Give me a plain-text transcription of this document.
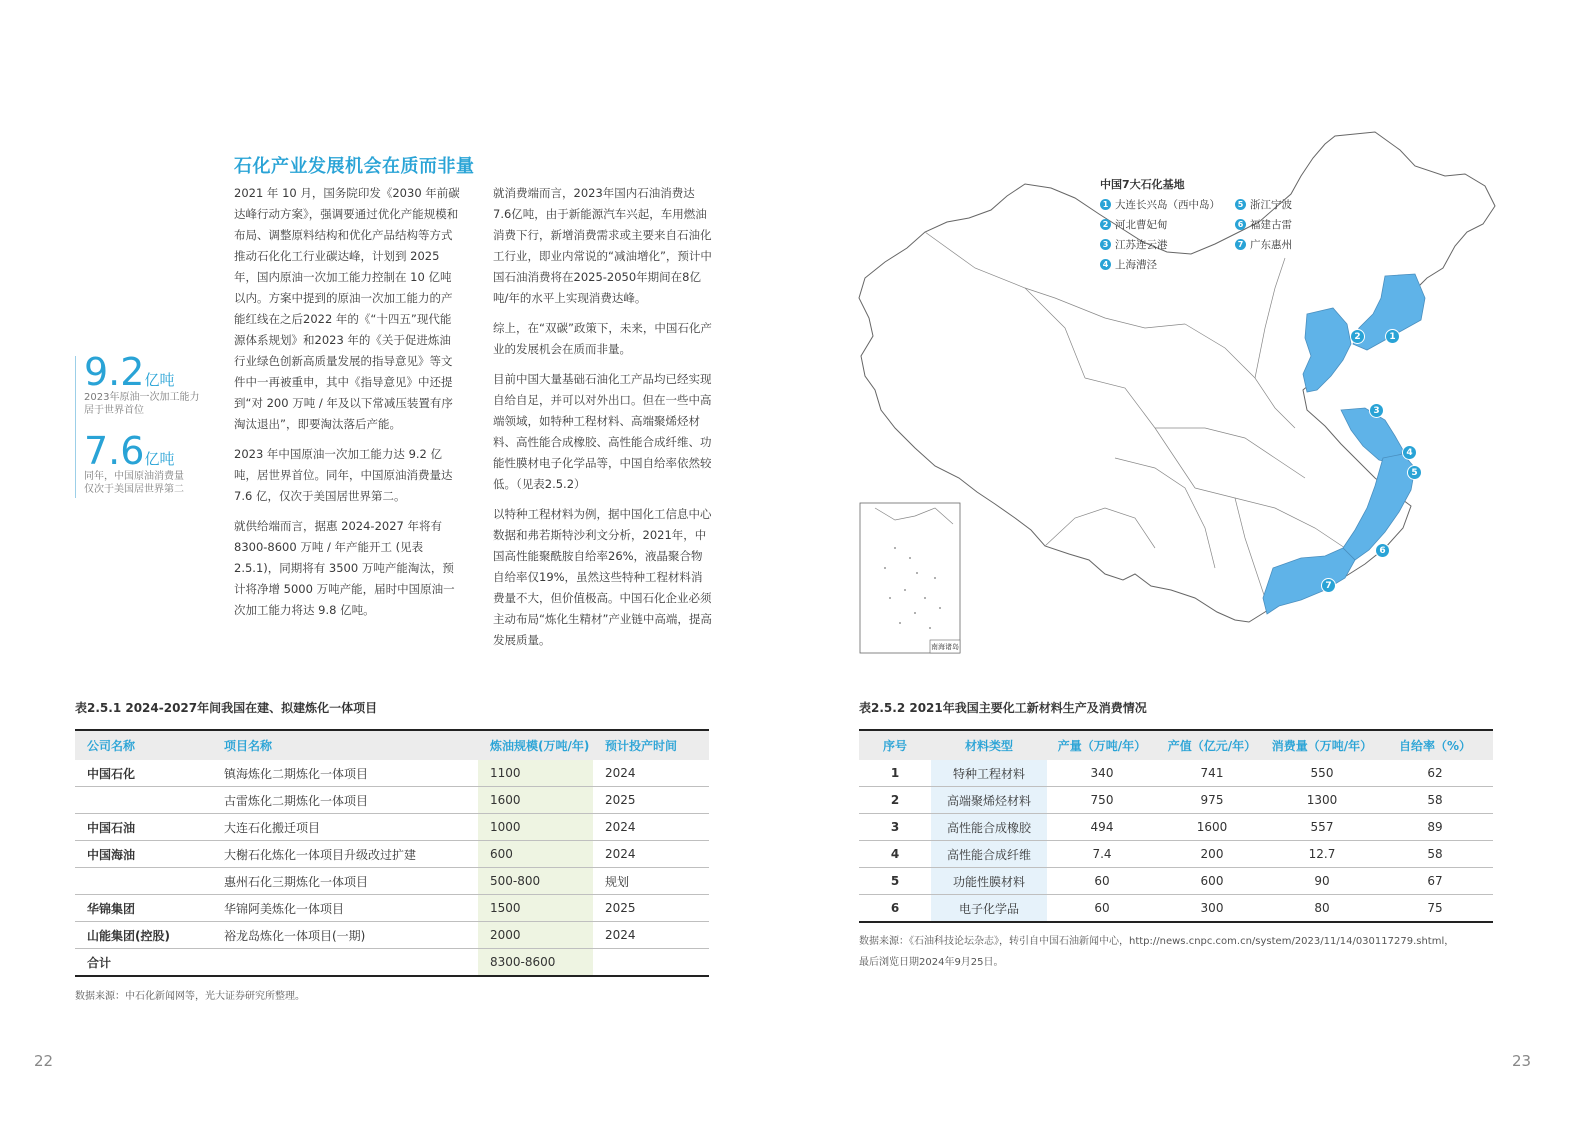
石化产业发展机会在质而非量

2021 年 10 月，国务院印发《2030 年前碳达峰行动方案》，强调要通过优化产能规模和布局、调整原料结构和优化产品结构等方式推动石化化工行业碳达峰，计划到 2025 年，国内原油一次加工能力控制在 10 亿吨以内。方案中提到的原油一次加工能力的产能红线在之后2022 年的《“十四五”现代能源体系规划》和2023 年的《关于促进炼油行业绿色创新高质量发展的指导意见》等文件中一再被重申，其中《指导意见》中还提到“对 200 万吨 / 年及以下常减压装置有序淘汰退出”，即要淘汰落后产能。

2023 年中国原油一次加工能力达 9.2 亿吨，居世界首位。同年，中国原油消费量达 7.6 亿，仅次于美国居世界第二。

就供给端而言，据惠 2024-2027 年将有 8300-8600 万吨 / 年产能开工 (见表 2.5.1)，同期将有 3500 万吨产能淘汰，预计将净增 5000 万吨产能，届时中国原油一次加工能力将达 9.8 亿吨。

就消费端而言，2023年国内石油消费达7.6亿吨，由于新能源汽车兴起，车用燃油消费下行，新增消费需求或主要来自石油化工行业，即业内常说的“减油增化”，预计中国石油消费将在2025-2050年期间在8亿吨/年的水平上实现消费达峰。

综上，在“双碳”政策下，未来，中国石化产业的发展机会在质而非量。

目前中国大量基础石油化工产品均已经实现自给自足，并可以对外出口。但在一些中高端领域，如特种工程材料、高端聚烯烃材料、高性能合成橡胶、高性能合成纤维、功能性膜材电子化学品等，中国自给率依然较低。（见表2.5.2）

以特种工程材料为例，据中国化工信息中心数据和弗若斯特沙利文分析，2021年，中国高性能聚酰胺自给率26%，液晶聚合物自给率仅19%，虽然这些特种工程材料消费量不大，但价值极高。中国石化企业必须主动布局“炼化生精材”产业链中高端，提高发展质量。

9.2亿吨
2023年原油一次加工能力
居于世界首位
7.6亿吨
同年，中国原油消费量
仅次于美国居世界第二
表2.5.1 2024-2027年间我国在建、拟建炼化一体项目
公司名称	项目名称	炼油规模(万吨/年)	预计投产时间
中国石化	镇海炼化二期炼化一体项目	1100	2024
	古雷炼化二期炼化一体项目	1600	2025
中国石油	大连石化搬迁项目	1000	2024
中国海油	大榭石化炼化一体项目升级改过扩建	600	2024
	惠州石化三期炼化一体项目	500-800	规划
华锦集团	华锦阿美炼化一体项目	1500	2025
山能集团(控股)	裕龙岛炼化一体项目(一期)	2000	2024
合计		8300-8600	
数据来源：中石化新闻网等，光大证券研究所整理。
22
南海诸岛
1
2
3
4
5
6
7
中国7大石化基地
1 大连长兴岛（西中岛）
2 河北曹妃甸
3 江苏连云港
4 上海漕泾
5 浙江宁波
6 福建古雷
7 广东惠州
表2.5.2 2021年我国主要化工新材料生产及消费情况
序号	材料类型	产量（万吨/年）	产值（亿元/年）	消费量（万吨/年）	自给率（%）
1	特种工程材料	340	741	550	62
2	高端聚烯烃材料	750	975	1300	58
3	高性能合成橡胶	494	1600	557	89
4	高性能合成纤维	7.4	200	12.7	58
5	功能性膜材料	60	600	90	67
6	电子化学品	60	300	80	75
数据来源：《石油科技论坛杂志》，转引自中国石油新闻中心，http://news.cnpc.com.cn/system/2023/11/14/030117279.shtml，
最后浏览日期2024年9月25日。
23
